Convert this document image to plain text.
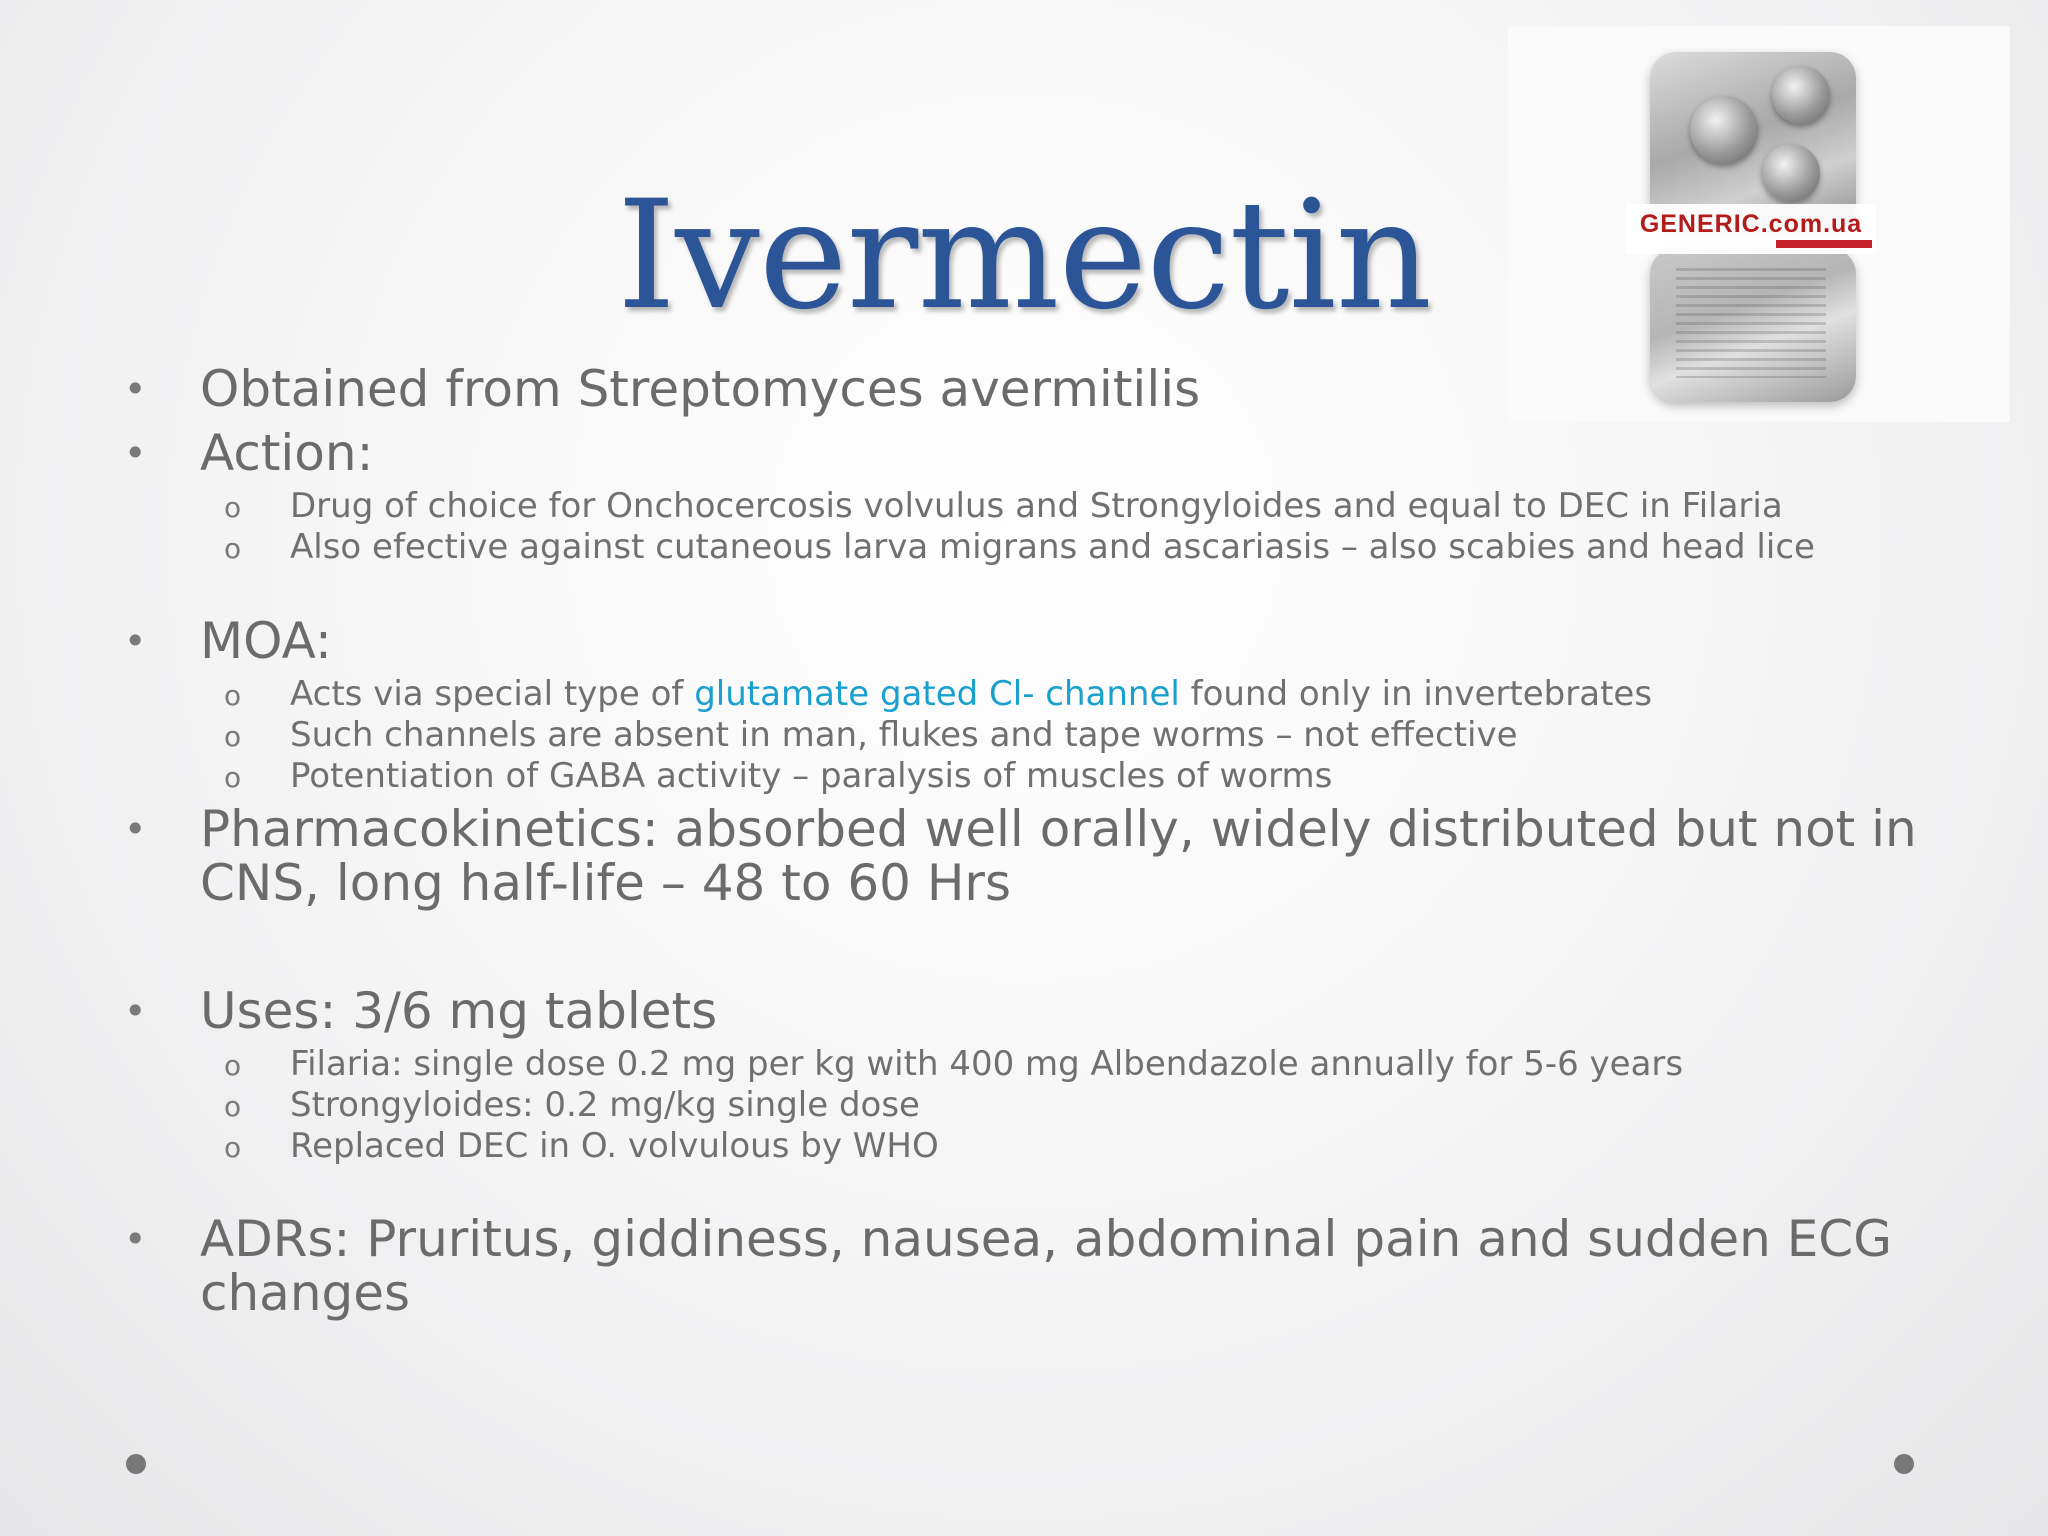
GENERIC.com.ua
Ivermectin
• Obtained from Streptomyces avermitilis
• Action:
o Drug of choice for Onchocercosis volvulus and Strongyloides and equal to DEC in Filaria
o Also efective against cutaneous larva migrans and ascariasis – also scabies and head lice
• MOA:
o Acts via special type of glutamate gated Cl- channel found only in invertebrates
o Such channels are absent in man, flukes and tape worms – not effective
o Potentiation of GABA activity – paralysis of muscles of worms
• Pharmacokinetics: absorbed well orally, widely distributed but not in CNS, long half-life – 48 to 60 Hrs
• Uses: 3/6 mg tablets
o Filaria: single dose 0.2 mg per kg with 400 mg Albendazole annually for 5-6 years
o Strongyloides: 0.2 mg/kg single dose
o Replaced DEC in O. volvulous by WHO
• ADRs: Pruritus, giddiness, nausea, abdominal pain and sudden ECG changes
